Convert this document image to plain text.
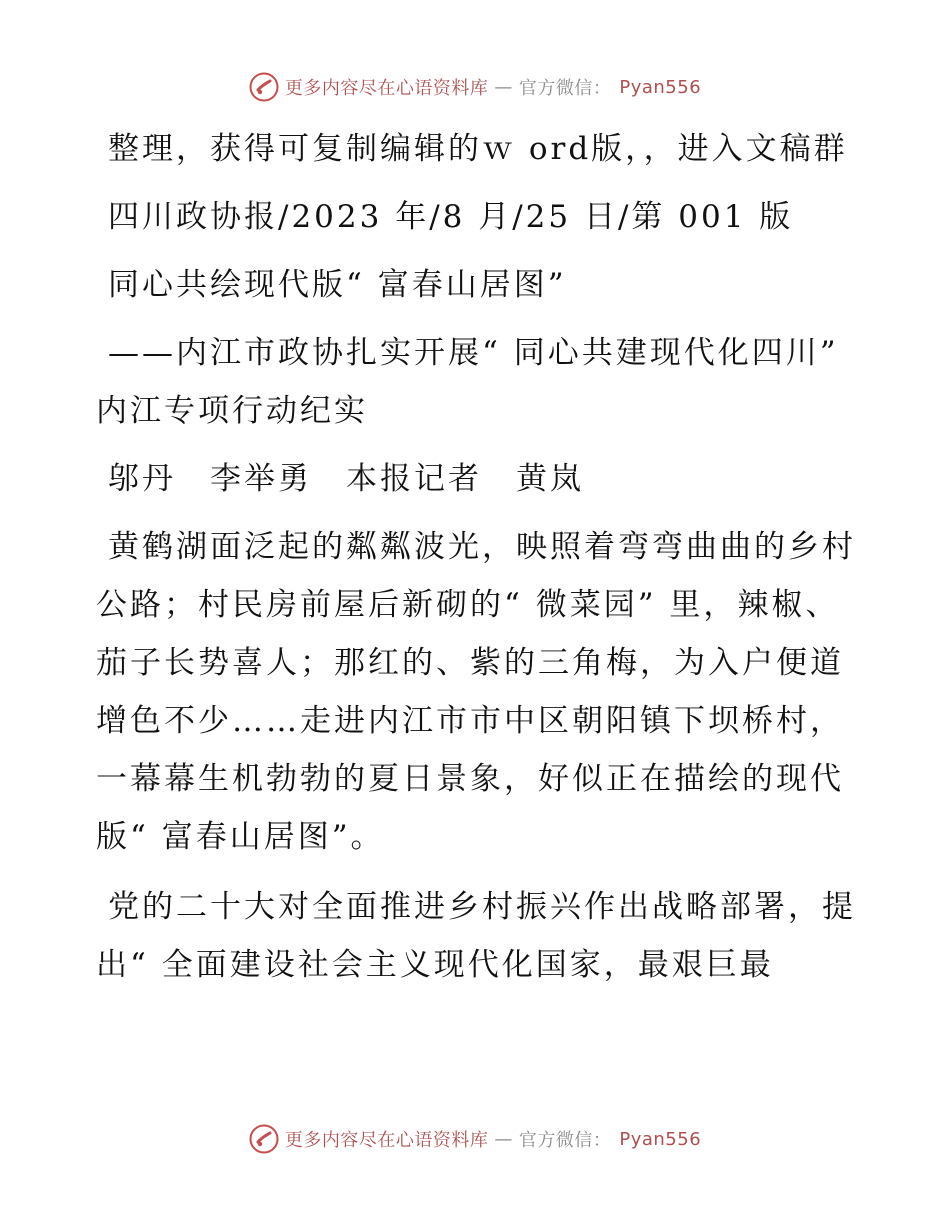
更多内容尽在心语资料库 — 官方微信： Pyan556

整理，获得可复制编辑的ｗ ord版，，进入文稿群

四川政协报/2023 年/8 月/25 日/第 001 版

同心共绘现代版“ 富春山居图”

——内江市政协扎实开展“ 同心共建现代化四川” 内江专项行动纪实

邬丹　李举勇　本报记者　黄岚

黄鹤湖面泛起的粼粼波光，映照着弯弯曲曲的乡村公路；村民房前屋后新砌的“ 微菜园” 里，辣椒、茄子长势喜人；那红的、紫的三角梅，为入户便道增色不少……走进内江市市中区朝阳镇下坝桥村，一幕幕生机勃勃的夏日景象，好似正在描绘的现代版“ 富春山居图”。

党的二十大对全面推进乡村振兴作出战略部署，提出“ 全面建设社会主义现代化国家，最艰巨最

更多内容尽在心语资料库 — 官方微信： Pyan556
